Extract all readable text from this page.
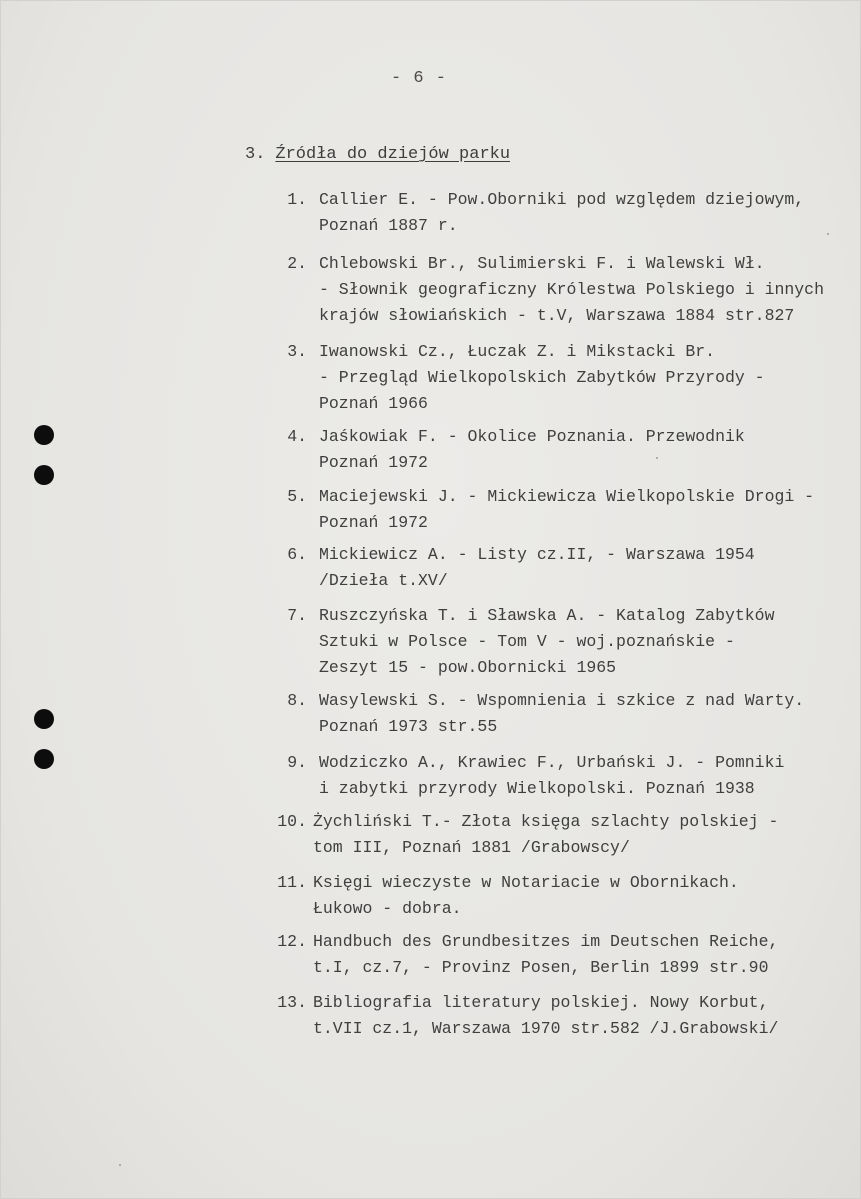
- 6 -
3. Źródła do dziejów parku
1. Callier E. - Pow.Oborniki pod względem dziejowym,
Poznań 1887 r.
2. Chlebowski Br., Sulimierski F. i Walewski Wł.
- Słownik geograficzny Królestwa Polskiego i innych
krajów słowiańskich - t.V, Warszawa 1884 str.827
3. Iwanowski Cz., Łuczak Z. i Mikstacki Br.
- Przegląd Wielkopolskich Zabytków Przyrody -
Poznań 1966
4. Jaśkowiak F. - Okolice Poznania. Przewodnik
Poznań 1972
5. Maciejewski J. - Mickiewicza Wielkopolskie Drogi -
Poznań 1972
6. Mickiewicz A. - Listy cz.II, - Warszawa 1954
/Dzieła t.XV/
7. Ruszczyńska T. i Sławska A. - Katalog Zabytków
Sztuki w Polsce - Tom V - woj.poznańskie -
Zeszyt 15 - pow.Obornicki 1965
8. Wasylewski S. - Wspomnienia i szkice z nad Warty.
Poznań 1973 str.55
9. Wodziczko A., Krawiec F., Urbański J. - Pomniki
i zabytki przyrody Wielkopolski. Poznań 1938
10. Żychliński T.- Złota księga szlachty polskiej -
tom III, Poznań 1881 /Grabowscy/
11. Księgi wieczyste w Notariacie w Obornikach.
Łukowo - dobra.
12. Handbuch des Grundbesitzes im Deutschen Reiche,
t.I, cz.7, - Provinz Posen, Berlin 1899 str.90
13. Bibliografia literatury polskiej. Nowy Korbut,
t.VII cz.1, Warszawa 1970 str.582 /J.Grabowski/
